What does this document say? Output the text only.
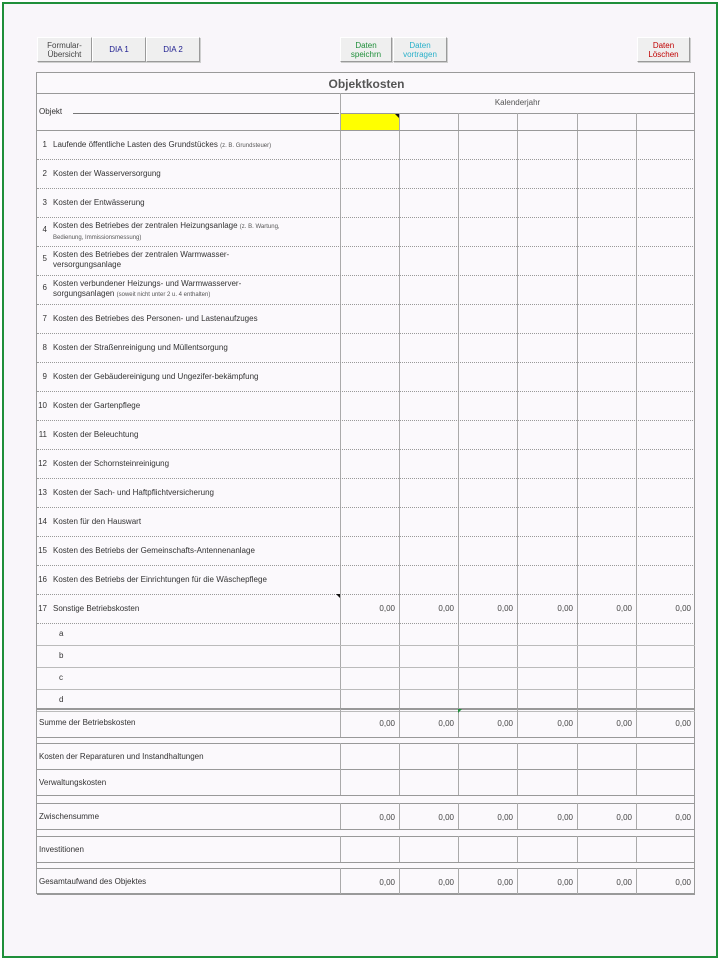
Formular-
Übersicht	DIA 1	DIA 2	Daten
speichrn
Daten
vortragen
Daten
Löschen
Objektkosten
Objekt
Kalenderjahr
1 Laufende öffentliche Lasten des Grundstückes (z. B. Grundsteuer)
2 Kosten der Wasserversorgung
3 Kosten der Entwässerung
4 Kosten des Betriebes der zentralen Heizungsanlage (z. B. Wartung,
Bedienung, Immissionsmessung)
5 Kosten des Betriebes der zentralen Warmwasser-
versorgungsanlage
6 Kosten verbundener Heizungs- und Warmwasserver-
sorgungsanlagen (soweit nicht unter 2 u. 4 enthalten)
7 Kosten des Betriebes des Personen- und Lastenaufzuges
8 Kosten der Straßenreinigung und Müllentsorgung
9 Kosten der Gebäudereinigung und Ungezifer-bekämpfung
10 Kosten der Gartenpflege
11 Kosten der Beleuchtung
12 Kosten der Schornsteinreinigung
13 Kosten der Sach- und Haftpflichtversicherung
14 Kosten für den Hauswart
15 Kosten des Betriebs der Gemeinschafts-Antennenanlage
16 Kosten des Betriebs der Einrichtungen für die Wäschepflege
17 Sonstige Betriebskosten	0,00	0,00	0,00	0,00	0,00	0,00
a
b
c
d
Summe der Betriebskosten	0,00	0,00	0,00	0,00	0,00	0,00
Kosten der Reparaturen und Instandhaltungen
Verwaltungskosten
Zwischensumme	0,00	0,00	0,00	0,00	0,00	0,00
Investitionen
Gesamtaufwand des Objektes	0,00	0,00	0,00	0,00	0,00	0,00
